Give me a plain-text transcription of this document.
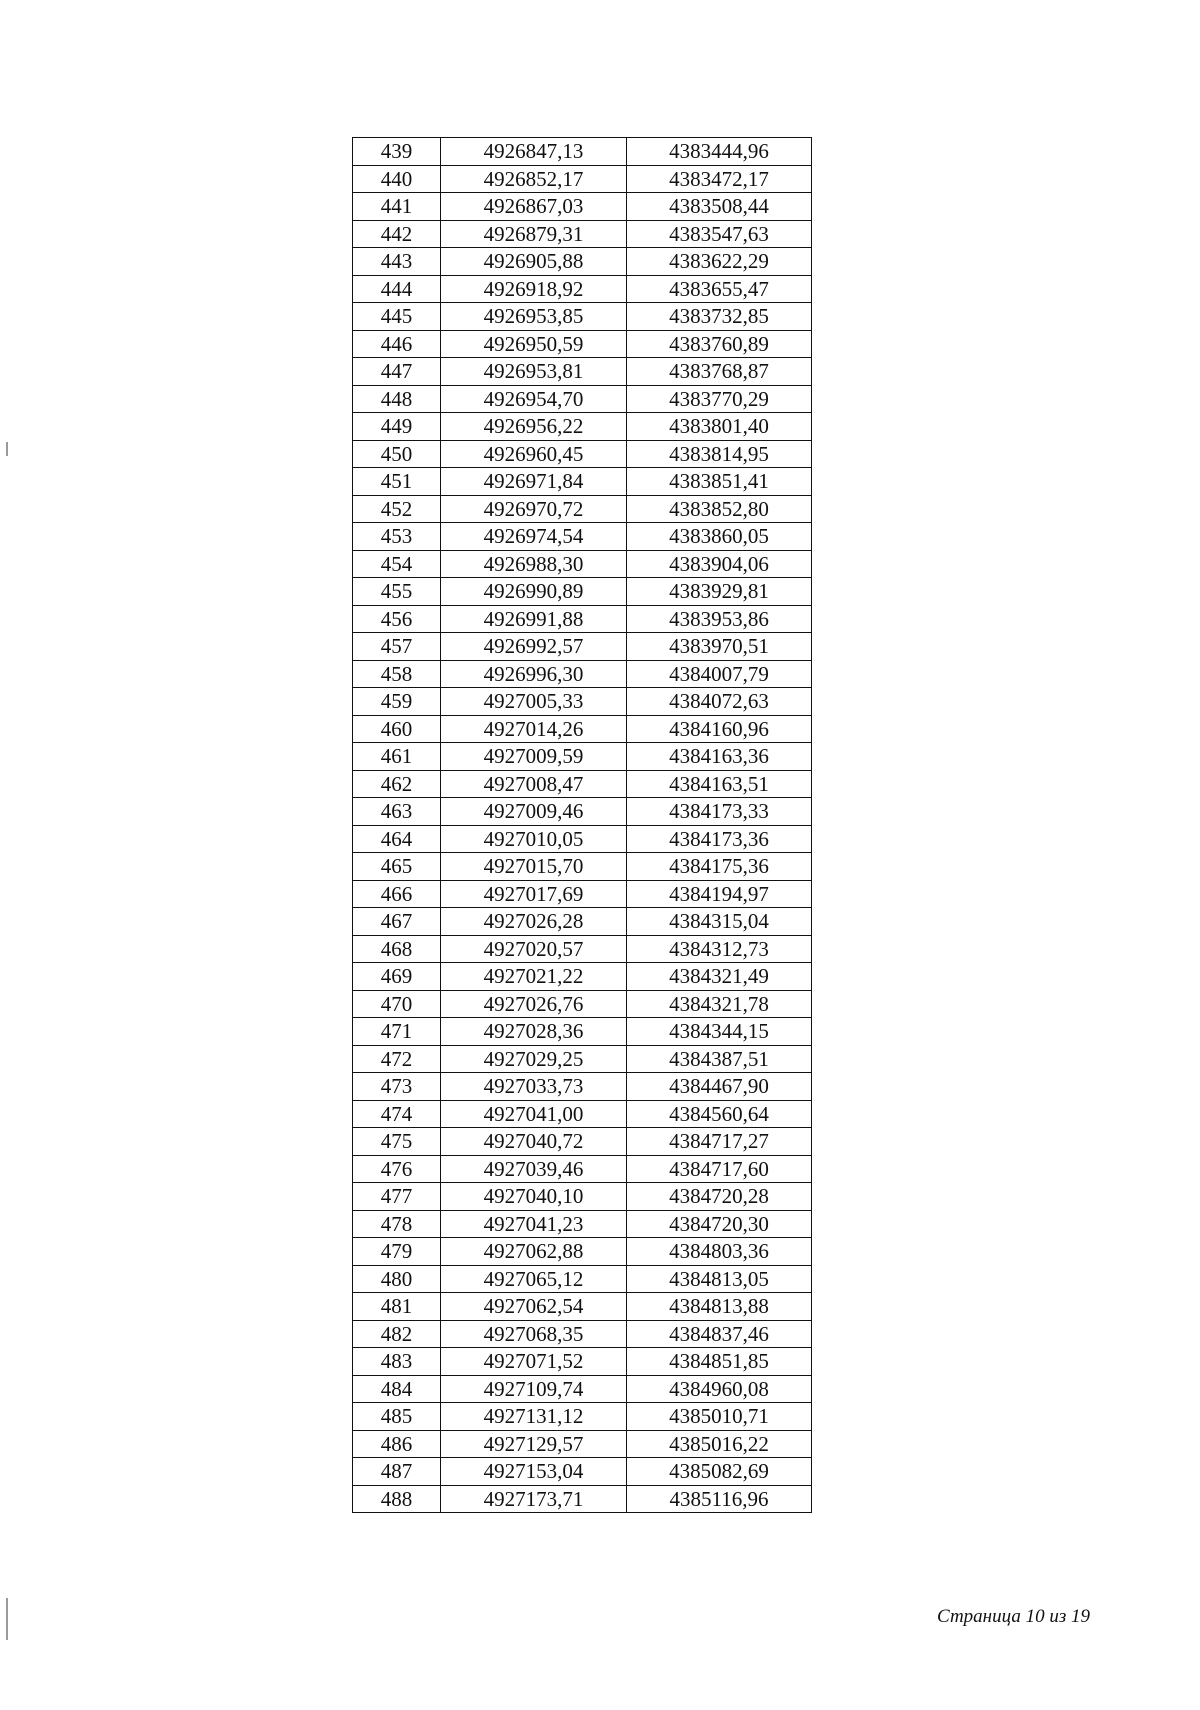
439	4926847,13	4383444,96
440	4926852,17	4383472,17
441	4926867,03	4383508,44
442	4926879,31	4383547,63
443	4926905,88	4383622,29
444	4926918,92	4383655,47
445	4926953,85	4383732,85
446	4926950,59	4383760,89
447	4926953,81	4383768,87
448	4926954,70	4383770,29
449	4926956,22	4383801,40
450	4926960,45	4383814,95
451	4926971,84	4383851,41
452	4926970,72	4383852,80
453	4926974,54	4383860,05
454	4926988,30	4383904,06
455	4926990,89	4383929,81
456	4926991,88	4383953,86
457	4926992,57	4383970,51
458	4926996,30	4384007,79
459	4927005,33	4384072,63
460	4927014,26	4384160,96
461	4927009,59	4384163,36
462	4927008,47	4384163,51
463	4927009,46	4384173,33
464	4927010,05	4384173,36
465	4927015,70	4384175,36
466	4927017,69	4384194,97
467	4927026,28	4384315,04
468	4927020,57	4384312,73
469	4927021,22	4384321,49
470	4927026,76	4384321,78
471	4927028,36	4384344,15
472	4927029,25	4384387,51
473	4927033,73	4384467,90
474	4927041,00	4384560,64
475	4927040,72	4384717,27
476	4927039,46	4384717,60
477	4927040,10	4384720,28
478	4927041,23	4384720,30
479	4927062,88	4384803,36
480	4927065,12	4384813,05
481	4927062,54	4384813,88
482	4927068,35	4384837,46
483	4927071,52	4384851,85
484	4927109,74	4384960,08
485	4927131,12	4385010,71
486	4927129,57	4385016,22
487	4927153,04	4385082,69
488	4927173,71	4385116,96
Страница 10 из 19
